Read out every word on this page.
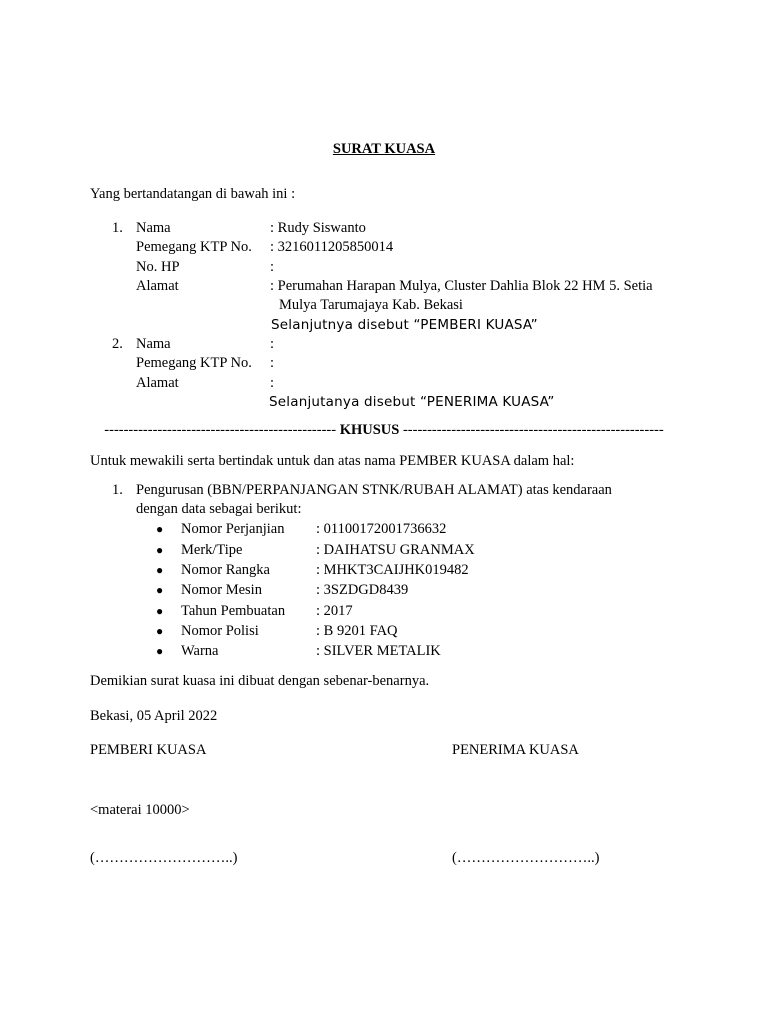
SURAT KUASA
Yang bertandatangan di bawah ini :
1. Nama	: Rudy Siswanto
Pemegang KTP No. : 3216011205850014
No. HP	:
Alamat	: Perumahan Harapan Mulya, Cluster Dahlia Blok 22 HM 5. Setia
Mulya Tarumajaya Kab. Bekasi
Selanjutnya disebut “PEMBERI KUASA”
2. Nama	:
Pemegang KTP No. :
Alamat	:
Selanjutanya disebut “PENERIMA KUASA”
------------------------------------------------ KHUSUS ------------------------------------------------------
Untuk mewakili serta bertindak untuk dan atas nama PEMBER KUASA dalam hal:
1. Pengurusan (BBN/PERPANJANGAN STNK/RUBAH ALAMAT) atas kendaraan
dengan data sebagai berikut:
● Nomor Perjanjian : 01100172001736632
● Merk/Tipe	: DAIHATSU GRANMAX
● Nomor Rangka	: MHKT3CAIJHK019482
● Nomor Mesin	: 3SZDGD8439
● Tahun Pembuatan : 2017
● Nomor Polisi	: B 9201 FAQ
● Warna	: SILVER METALIK
Demikian surat kuasa ini dibuat dengan sebenar-benarnya.
Bekasi, 05 April 2022
PEMBERI KUASA	PENERIMA KUASA
<materai 10000>
(………………………..)	(………………………..)
